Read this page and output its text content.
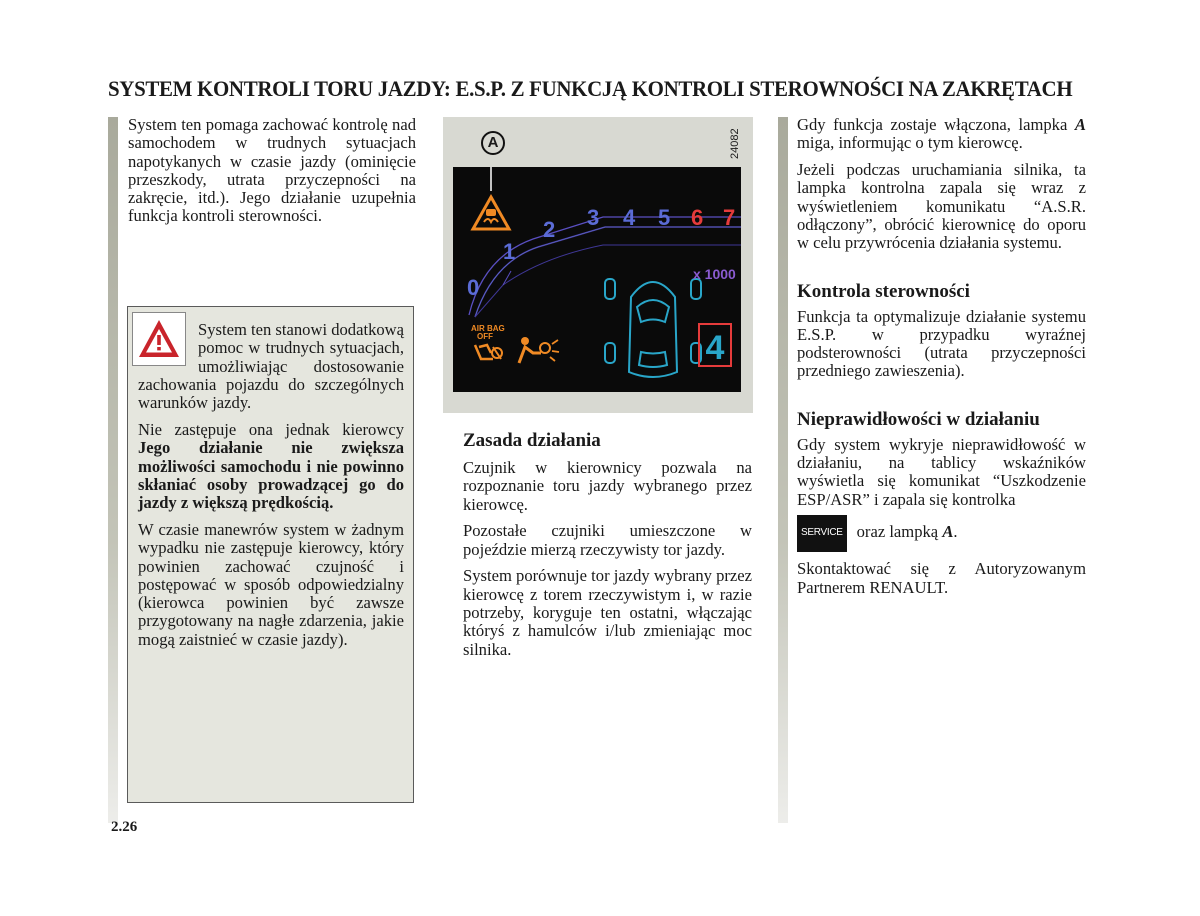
SYSTEM KONTROLI TORU JAZDY: E.S.P. Z FUNKCJĄ KONTROLI STEROWNOŚCI NA ZAKRĘTACH

System ten pomaga zachować kontrolę nad samochodem w trudnych sytuacjach napotykanych w czasie jazdy (ominięcie przeszkody, utrata przyczepności na zakręcie, itd.). Jego działanie uzupełnia funkcja kontroli sterowności.

System ten stanowi dodatkową pomoc w trudnych sytuacjach, umożliwiając dostosowanie zachowania pojazdu do szczególnych warunków jazdy.

Nie zastępuje ona jednak kierowcy Jego działanie nie zwiększa możliwości samochodu i nie powinno skłaniać osoby prowadzącej go do jazdy z większą prędkością.

W czasie manewrów system w żadnym wypadku nie zastępuje kierowcy, który powinien zachować czujność i postępować w sposób odpowiedzialny (kierowca powinien być zawsze przygotowany na nagłe zdarzenia, jakie mogą zaistnieć w czasie jazdy).

A	24082
AIR BAG
OFF	4
0
1
2 3 4 5 6 7
x 1000
Zasada działania

Czujnik w kierownicy pozwala na rozpoznanie toru jazdy wybranego przez kierowcę.

Pozostałe czujniki umieszczone w pojeździe mierzą rzeczywisty tor jazdy.

System porównuje tor jazdy wybrany przez kierowcę z torem rzeczywistym i, w razie potrzeby, koryguje ten ostatni, włączając któryś z hamulców i/lub zmieniając moc silnika.

Gdy funkcja zostaje włączona, lampka A miga, informując o tym kierowcę.

Jeżeli podczas uruchamiania silnika, ta lampka kontrolna zapala się wraz z wyświetleniem komunikatu “A.S.R. odłączony”, obrócić kierownicę do oporu w celu przywrócenia działania systemu.

Kontrola sterowności

Funkcja ta optymalizuje działanie systemu E.S.P. w przypadku wyraźnej podsterowności (utrata przyczepności przedniego zawieszenia).

Nieprawidłowości w działaniu

Gdy system wykryje nieprawidłowość w działaniu, na tablicy wskaźników wyświetla się komunikat “Uszkodzenie ESP/ASR” i zapala się kontrolka

SERVICE oraz lampką A.

Skontaktować się z Autoryzowanym Partnerem RENAULT.

2.26
